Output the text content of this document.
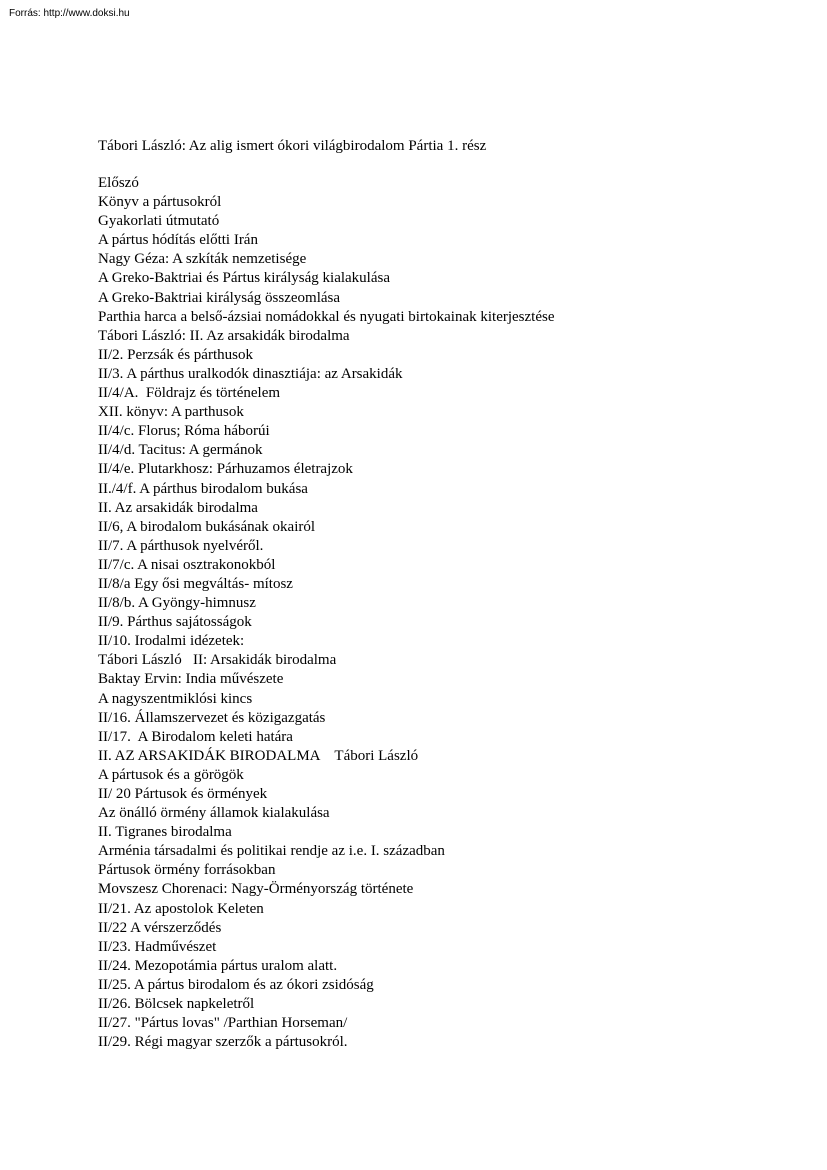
Forrás: http://www.doksi.hu
Tábori László: Az alig ismert ókori világbirodalom Pártia 1. rész
Előszó
Könyv a pártusokról
Gyakorlati útmutató
A pártus hódítás előtti Irán
Nagy Géza: A szkíták nemzetisége
A Greko-Baktriai és Pártus királyság kialakulása
A Greko-Baktriai királyság összeomlása
Parthia harca a belső-ázsiai nomádokkal és nyugati birtokainak kiterjesztése
Tábori László: II. Az arsakidák birodalma
II/2. Perzsák és párthusok
II/3. A párthus uralkodók dinasztiája: az Arsakidák
II/4/A.  Földrajz és történelem
XII. könyv: A parthusok
II/4/c. Florus; Róma háborúi
II/4/d. Tacitus: A germánok
II/4/e. Plutarkhosz: Párhuzamos életrajzok
II./4/f. A párthus birodalom bukása
II. Az arsakidák birodalma
II/6, A birodalom bukásának okairól
II/7. A párthusok nyelvéről.
II/7/c. A nisai osztrakonokból
II/8/a Egy ősi megváltás- mítosz
II/8/b. A Gyöngy-himnusz
II/9. Párthus sajátosságok
II/10. Irodalmi idézetek:
Tábori László   II: Arsakidák birodalma
Baktay Ervin: India művészete
A nagyszentmiklósi kincs
II/16. Államszervezet és közigazgatás
II/17.  A Birodalom keleti határa
II. AZ ARSAKIDÁK BIRODALMA    Tábori László
A pártusok és a görögök
II/ 20 Pártusok és örmények
Az önálló örmény államok kialakulása
II. Tigranes birodalma
Arménia társadalmi és politikai rendje az i.e. I. században
Pártusok örmény forrásokban
Movszesz Chorenaci: Nagy-Örményország története
II/21. Az apostolok Keleten
II/22 A vérszerződés
II/23. Hadművészet
II/24. Mezopotámia pártus uralom alatt.
II/25. A pártus birodalom és az ókori zsidóság
II/26. Bölcsek napkeletről
II/27. "Pártus lovas" /Parthian Horseman/
II/29. Régi magyar szerzők a pártusokról.
